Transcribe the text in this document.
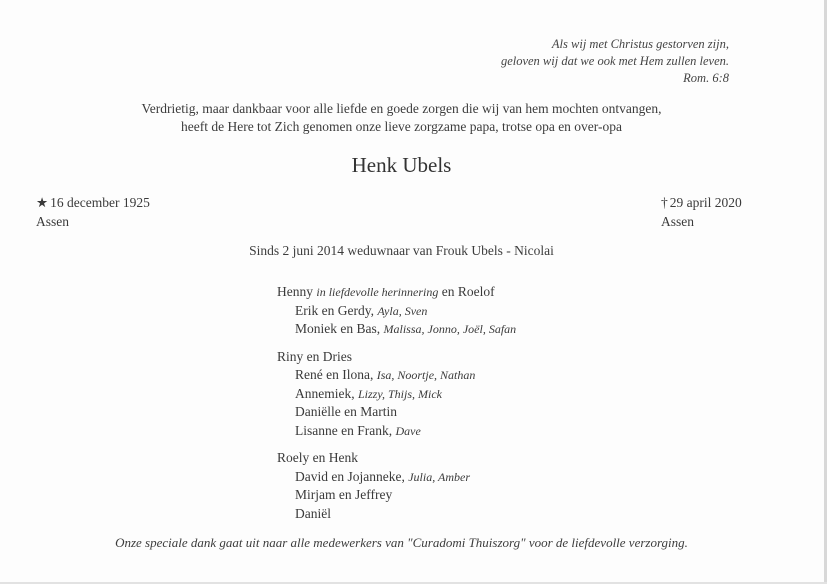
Als wij met Christus gestorven zijn,
geloven wij dat we ook met Hem zullen leven.
Rom. 6:8
Verdrietig, maar dankbaar voor alle liefde en goede zorgen die wij van hem mochten ontvangen,
heeft de Here tot Zich genomen onze lieve zorgzame papa, trotse opa en over-opa
Henk Ubels
★ 16 december 1925
Assen
† 29 april 2020
Assen
Sinds 2 juni 2014 weduwnaar van Frouk Ubels - Nicolai
Henny in liefdevolle herinnering en Roelof
Erik en Gerdy, Ayla, Sven
Moniek en Bas, Malissa, Jonno, Joël, Safan
Riny en Dries
René en Ilona, Isa, Noortje, Nathan
Annemiek, Lizzy, Thijs, Mick
Daniëlle en Martin
Lisanne en Frank, Dave
Roely en Henk
David en Jojanneke, Julia, Amber
Mirjam en Jeffrey
Daniël
Onze speciale dank gaat uit naar alle medewerkers van "Curadomi Thuiszorg" voor de liefdevolle verzorging.
